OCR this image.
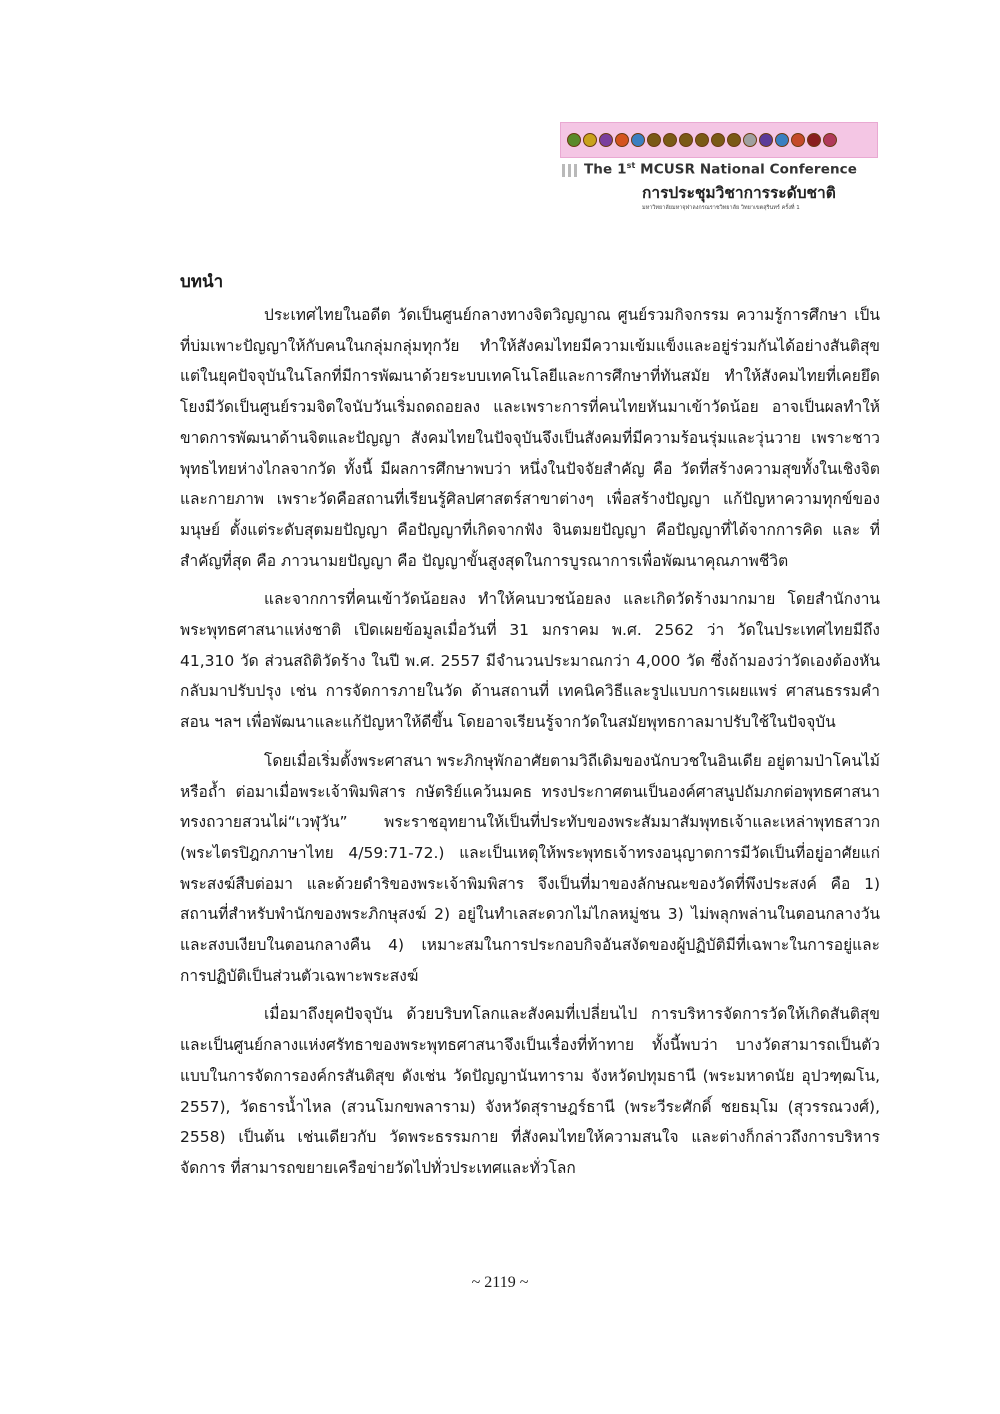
The 1st MCUSR National Conference
การประชุมวิชาการระดับชาติ
มหาวิทยาลัยมหาจุฬาลงกรณราชวิทยาลัย วิทยาเขตสุรินทร์ ครั้งที่ 1
บทนำ

ประเทศไทยในอดีต วัดเป็นศูนย์กลางทางจิตวิญญาณ ศูนย์รวมกิจกรรม ความรู้การศึกษา เป็นที่บ่มเพาะปัญญาให้กับคนในกลุ่มกลุ่มทุกวัย ทำให้สังคมไทยมีความเข้มแข็งและอยู่ร่วมกันได้อย่างสันติสุข แต่ในยุคปัจจุบันในโลกที่มีการพัฒนาด้วยระบบเทคโนโลยีและการศึกษาที่ทันสมัย ทำให้สังคมไทยที่เคยยึดโยงมีวัดเป็นศูนย์รวมจิตใจนับวันเริ่มถดถอยลง และเพราะการที่คนไทยหันมาเข้าวัดน้อย อาจเป็นผลทำให้ขาดการพัฒนาด้านจิตและปัญญา สังคมไทยในปัจจุบันจึงเป็นสังคมที่มีความร้อนรุ่มและวุ่นวาย เพราะชาวพุทธไทยห่างไกลจากวัด ทั้งนี้ มีผลการศึกษาพบว่า หนึ่งในปัจจัยสำคัญ คือ วัดที่สร้างความสุขทั้งในเชิงจิตและกายภาพ เพราะวัดคือสถานที่เรียนรู้ศิลปศาสตร์สาขาต่างๆ เพื่อสร้างปัญญา แก้ปัญหาความทุกข์ของมนุษย์ ตั้งแต่ระดับสุตมยปัญญา คือปัญญาที่เกิดจากฟัง จินตมยปัญญา คือปัญญาที่ได้จากการคิด และ ที่สำคัญที่สุด คือ ภาวนามยปัญญา คือ ปัญญาขั้นสูงสุดในการบูรณาการเพื่อพัฒนาคุณภาพชีวิต

และจากการที่คนเข้าวัดน้อยลง ทำให้คนบวชน้อยลง และเกิดวัดร้างมากมาย โดยสำนักงานพระพุทธศาสนาแห่งชาติ เปิดเผยข้อมูลเมื่อวันที่ 31 มกราคม พ.ศ. 2562 ว่า วัดในประเทศไทยมีถึง 41,310 วัด ส่วนสถิติวัดร้าง ในปี พ.ศ. 2557 มีจำนวนประมาณกว่า 4,000 วัด ซึ่งถ้ามองว่าวัดเองต้องหันกลับมาปรับปรุง เช่น การจัดการภายในวัด ด้านสถานที่ เทคนิควิธีและรูปแบบการเผยแพร่ ศาสนธรรมคำสอน ฯลฯ เพื่อพัฒนาและแก้ปัญหาให้ดีขึ้น โดยอาจเรียนรู้จากวัดในสมัยพุทธกาลมาปรับใช้ในปัจจุบัน

โดยเมื่อเริ่มตั้งพระศาสนา พระภิกษุพักอาศัยตามวิถีเดิมของนักบวชในอินเดีย อยู่ตามป่าโคนไม้ หรือถ้ำ ต่อมาเมื่อพระเจ้าพิมพิสาร กษัตริย์แคว้นมคธ ทรงประกาศตนเป็นองค์ศาสนูปถัมภกต่อพุทธศาสนา ทรงถวายสวนไผ่“เวฬุวัน” พระราชอุทยานให้เป็นที่ประทับของพระสัมมาสัมพุทธเจ้าและเหล่าพุทธสาวก (พระไตรปิฎกภาษาไทย 4/59:71-72.) และเป็นเหตุให้พระพุทธเจ้าทรงอนุญาตการมีวัดเป็นที่อยู่อาศัยแก่พระสงฆ์สืบต่อมา และด้วยดำริของพระเจ้าพิมพิสาร จึงเป็นที่มาของลักษณะของวัดที่พึงประสงค์ คือ 1) สถานที่สำหรับพำนักของพระภิกษุสงฆ์ 2) อยู่ในทำเลสะดวกไม่ไกลหมู่ชน 3) ไม่พลุกพล่านในตอนกลางวันและสงบเงียบในตอนกลางคืน 4) เหมาะสมในการประกอบกิจอันสงัดของผู้ปฏิบัติมีที่เฉพาะในการอยู่และการปฏิบัติเป็นส่วนตัวเฉพาะพระสงฆ์

เมื่อมาถึงยุคปัจจุบัน ด้วยบริบทโลกและสังคมที่เปลี่ยนไป การบริหารจัดการวัดให้เกิดสันติสุขและเป็นศูนย์กลางแห่งศรัทธาของพระพุทธศาสนาจึงเป็นเรื่องที่ท้าทาย ทั้งนี้พบว่า บางวัดสามารถเป็นตัวแบบในการจัดการองค์กรสันติสุข ดังเช่น วัดปัญญานันทาราม จังหวัดปทุมธานี (พระมหาดนัย อุปวฑฺฒโน, 2557), วัดธารน้ำไหล (สวนโมกขพลาราม) จังหวัดสุราษฎร์ธานี (พระวีระศักดิ์ ชยธมฺโม (สุวรรณวงศ์), 2558) เป็นต้น เช่นเดียวกับ วัดพระธรรมกาย ที่สังคมไทยให้ความสนใจ และต่างก็กล่าวถึงการบริหารจัดการ ที่สามารถขยายเครือข่ายวัดไปทั่วประเทศและทั่วโลก

~ 2119 ~
